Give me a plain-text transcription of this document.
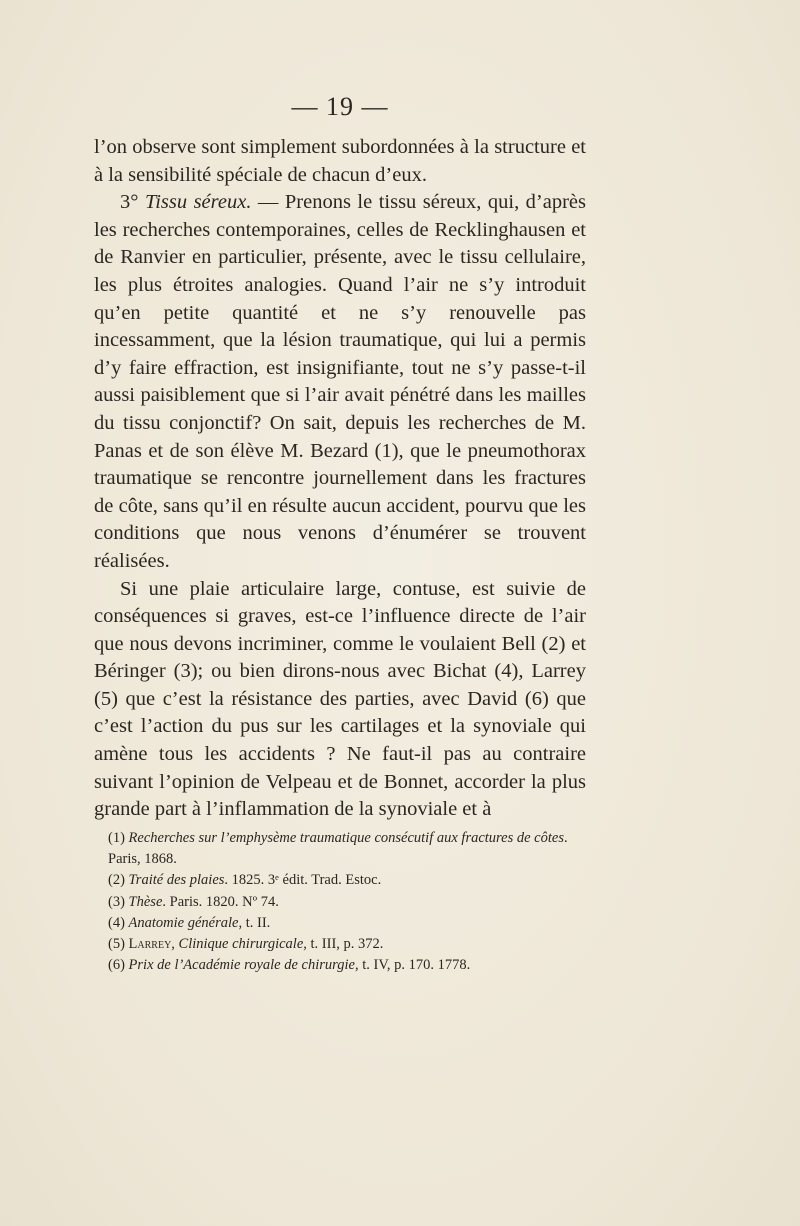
— 19 —

l’on observe sont simplement subordonnées à la structure et à la sensibilité spéciale de chacun d’eux.

3° Tissu séreux. — Prenons le tissu séreux, qui, d’après les recherches contemporaines, celles de Recklinghausen et de Ranvier en particulier, présente, avec le tissu cellulaire, les plus étroites analogies. Quand l’air ne s’y introduit qu’en petite quantité et ne s’y renouvelle pas incessamment, que la lésion traumatique, qui lui a permis d’y faire effraction, est insignifiante, tout ne s’y passe-t-il aussi paisiblement que si l’air avait pénétré dans les mailles du tissu conjonctif? On sait, depuis les recherches de M. Panas et de son élève M. Bezard (1), que le pneumothorax traumatique se rencontre journellement dans les fractures de côte, sans qu’il en résulte aucun accident, pourvu que les conditions que nous venons d’énumérer se trouvent réalisées.

Si une plaie articulaire large, contuse, est suivie de conséquences si graves, est-ce l’influence directe de l’air que nous devons incriminer, comme le voulaient Bell (2) et Béringer (3); ou bien dirons-nous avec Bichat (4), Larrey (5) que c’est la résistance des parties, avec David (6) que c’est l’action du pus sur les cartilages et la synoviale qui amène tous les accidents ? Ne faut-il pas au contraire suivant l’opinion de Velpeau et de Bonnet, accorder la plus grande part à l’inflammation de la synoviale et à

(1) Recherches sur l’emphysème traumatique consécutif aux fractures de côtes. Paris, 1868.
(2) Traité des plaies. 1825. 3ᵉ édit. Trad. Estoc.
(3) Thèse. Paris. 1820. Nº 74.
(4) Anatomie générale, t. II.
(5) Larrey, Clinique chirurgicale, t. III, p. 372.
(6) Prix de l’Académie royale de chirurgie, t. IV, p. 170. 1778.
